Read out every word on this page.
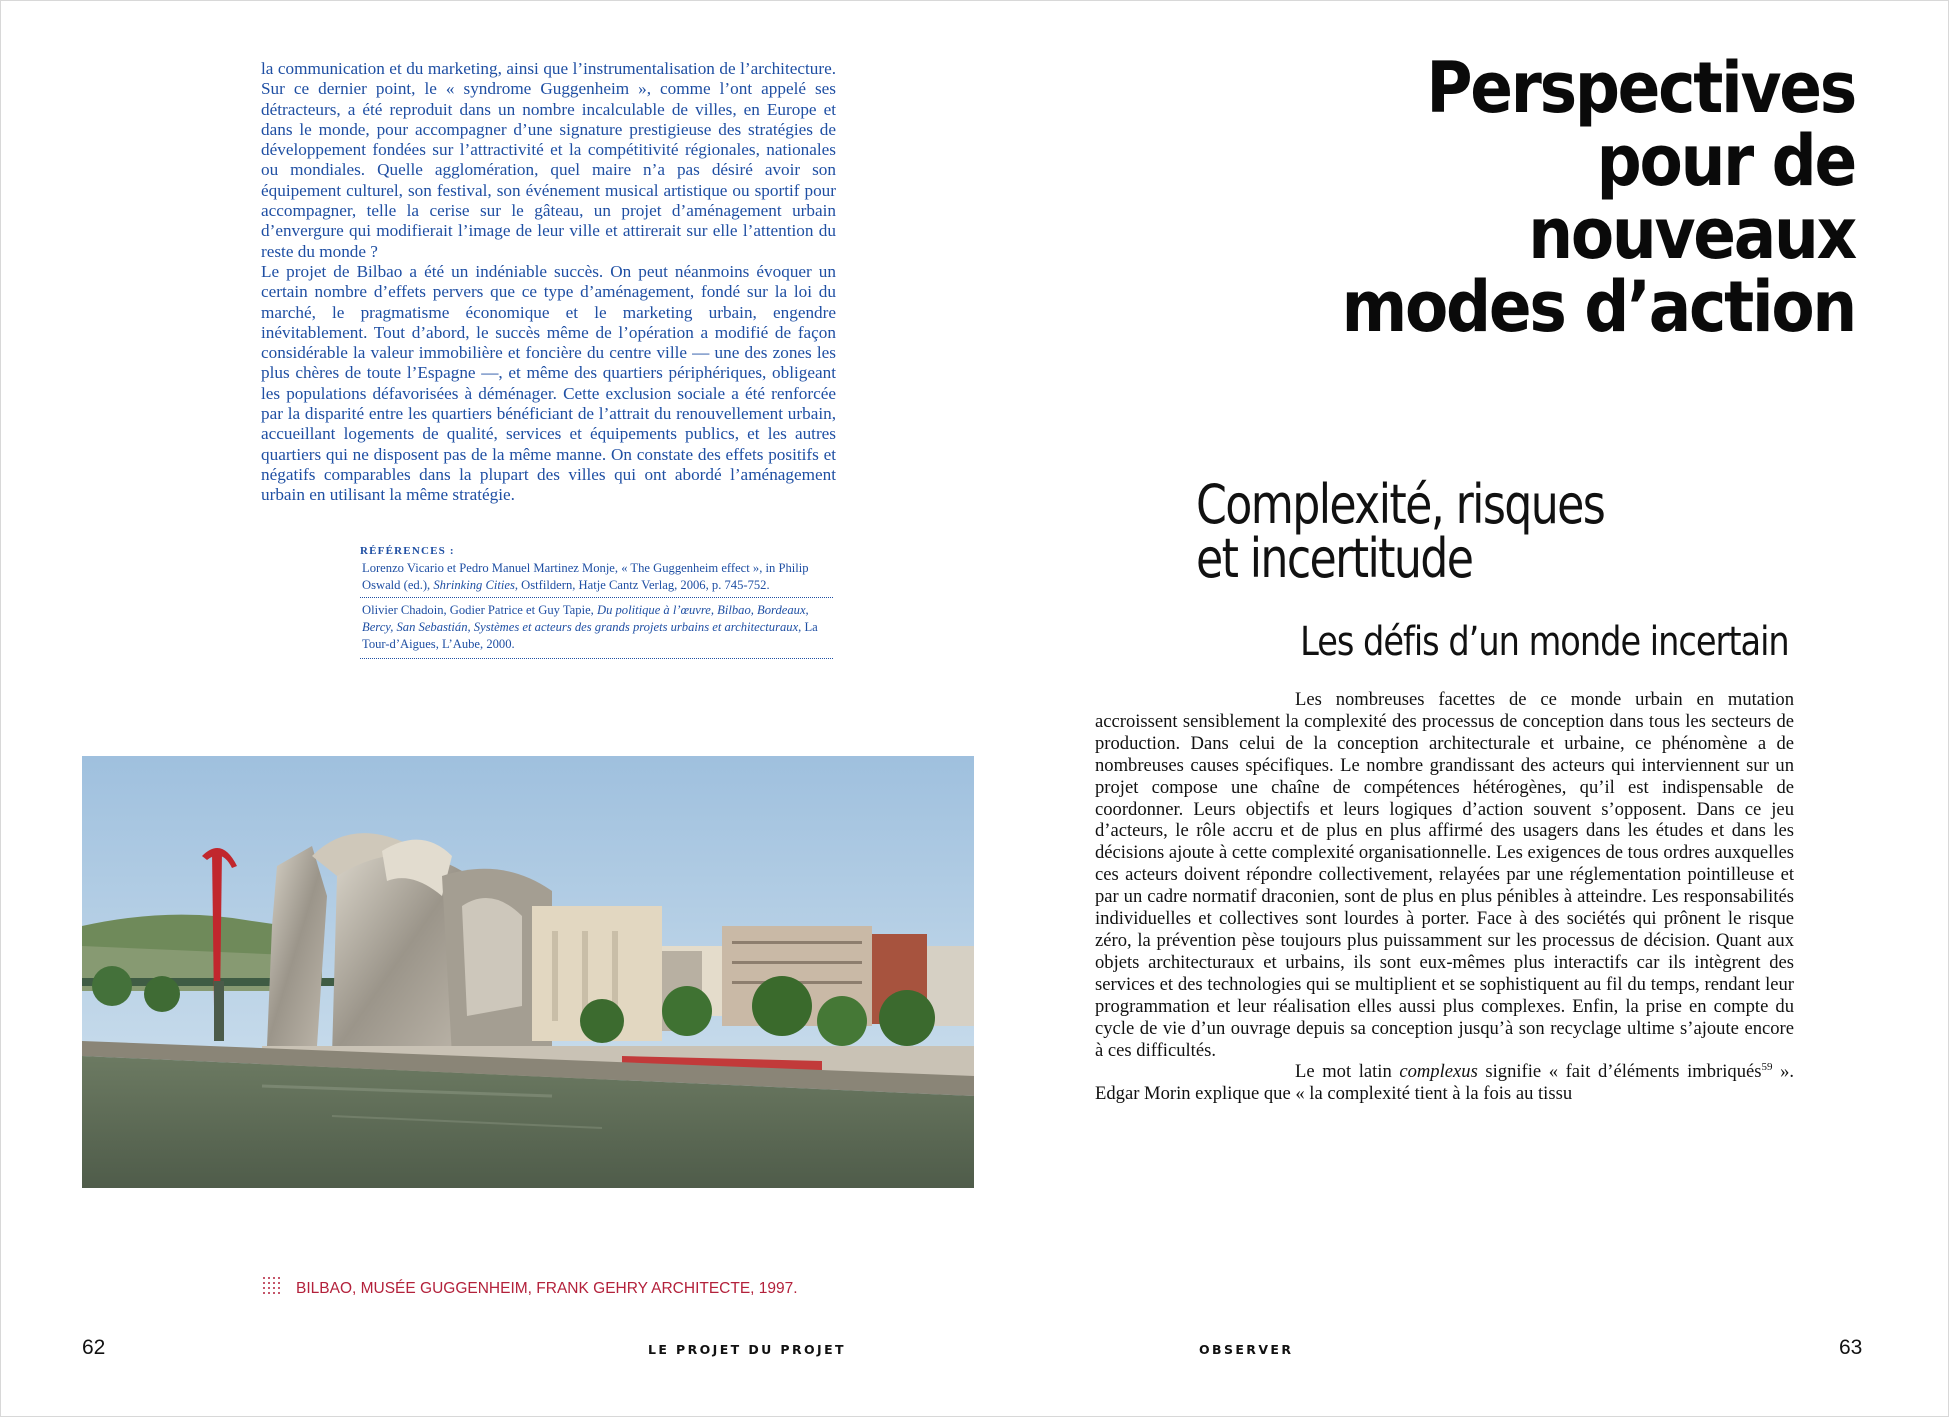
la communication et du marketing, ainsi que l’instrumentalisation de l’architecture. Sur ce dernier point, le « syndrome Guggenheim », comme l’ont appelé ses détracteurs, a été reproduit dans un nombre incalculable de villes, en Europe et dans le monde, pour accompagner d’une signature prestigieuse des stratégies de développement fondées sur l’attractivité et la compétitivité régionales, nationales ou mondiales. Quelle agglomération, quel maire n’a pas désiré avoir son équipement culturel, son festival, son événement musical artistique ou sportif pour accompagner, telle la cerise sur le gâteau, un projet d’aménagement urbain d’envergure qui modifierait l’image de leur ville et attirerait sur elle l’attention du reste du monde ?

Le projet de Bilbao a été un indéniable succès. On peut néanmoins évoquer un certain nombre d’effets pervers que ce type d’aménagement, fondé sur la loi du marché, le pragmatisme économique et le marketing urbain, engendre inévitablement. Tout d’abord, le succès même de l’opération a modifié de façon considérable la valeur immobilière et foncière du centre ville — une des zones les plus chères de toute l’Espagne —, et même des quartiers périphériques, obligeant les populations défavorisées à déménager. Cette exclusion sociale a été renforcée par la disparité entre les quartiers bénéficiant de l’attrait du renouvellement urbain, accueillant logements de qualité, services et équipements publics, et les autres quartiers qui ne disposent pas de la même manne. On constate des effets positifs et négatifs comparables dans la plupart des villes qui ont abordé l’aménagement urbain en utilisant la même stratégie.

RÉFÉRENCES :
Lorenzo Vicario et Pedro Manuel Martinez Monje, « The Guggenheim effect », in Philip Oswald (ed.), Shrinking Cities, Ostfildern, Hatje Cantz Verlag, 2006, p. 745-752.
Olivier Chadoin, Godier Patrice et Guy Tapie, Du politique à l’œuvre, Bilbao, Bordeaux, Bercy, San Sebastián, Systèmes et acteurs des grands projets urbains et architecturaux, La Tour-d’Aigues, L’Aube, 2000.
BILBAO, MUSÉE GUGGENHEIM, FRANK GEHRY ARCHITECTE, 1997.
62	LE PROJET DU PROJET
Perspectives
pour de
nouveaux
modes d’action
Complexité, risques
et incertitude
Les défis d’un monde incertain

Les nombreuses facettes de ce monde urbain en mutation accroissent sensiblement la complexité des processus de conception dans tous les secteurs de production. Dans celui de la conception architecturale et urbaine, ce phénomène a de nombreuses causes spécifiques. Le nombre grandissant des acteurs qui interviennent sur un projet compose une chaîne de compétences hétérogènes, qu’il est indispensable de coordonner. Leurs objectifs et leurs logiques d’action souvent s’opposent. Dans ce jeu d’acteurs, le rôle accru et de plus en plus affirmé des usagers dans les études et dans les décisions ajoute à cette complexité organisationnelle. Les exigences de tous ordres auxquelles ces acteurs doivent répondre collectivement, relayées par une réglementation pointilleuse et par un cadre normatif draconien, sont de plus en plus pénibles à atteindre. Les responsabilités individuelles et collectives sont lourdes à porter. Face à des sociétés qui prônent le risque zéro, la prévention pèse toujours plus puissamment sur les processus de décision. Quant aux objets architecturaux et urbains, ils sont eux-mêmes plus interactifs car ils intègrent des services et des technologies qui se multiplient et se sophistiquent au fil du temps, rendant leur programmation et leur réalisation elles aussi plus complexes. Enfin, la prise en compte du cycle de vie d’un ouvrage depuis sa conception jusqu’à son recyclage ultime s’ajoute encore à ces difficultés.

Le mot latin complexus signifie « fait d’éléments imbriqués$^{59}$ ». Edgar Morin explique que « la complexité tient à la fois au tissu

OBSERVER	63
